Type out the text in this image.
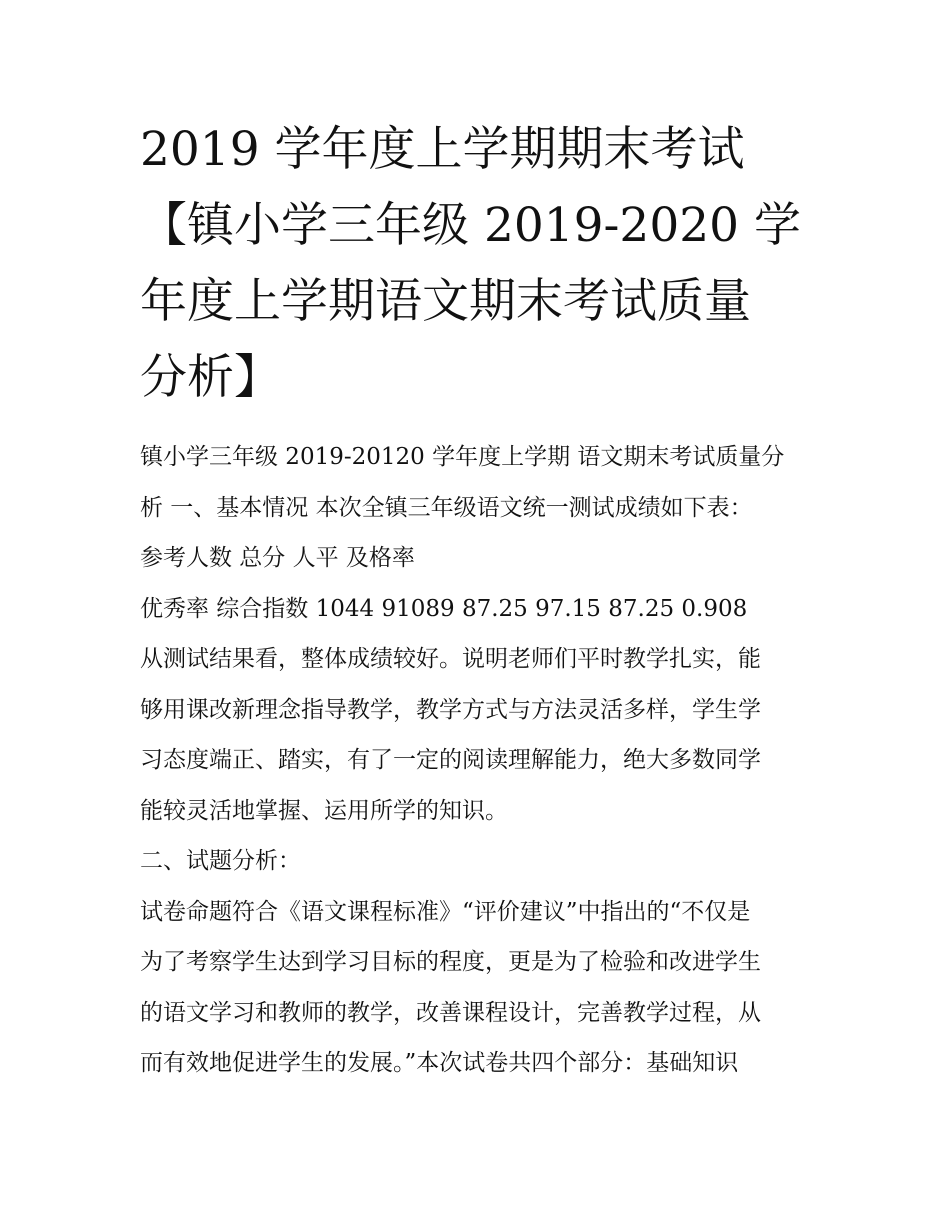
2019 学年度上学期期末考试
【镇小学三年级 2019-2020 学
年度上学期语文期末考试质量
分析】
镇小学三年级 2019-20120 学年度上学期 语文期末考试质量分
析 一、基本情况 本次全镇三年级语文统一测试成绩如下表：
参考人数 总分 人平 及格率
优秀率 综合指数 1044 91089 87.25 97.15 87.25 0.908
从测试结果看，整体成绩较好。说明老师们平时教学扎实，能
够用课改新理念指导教学，教学方式与方法灵活多样，学生学
习态度端正、踏实，有了一定的阅读理解能力，绝大多数同学
能较灵活地掌握、运用所学的知识。
二、试题分析：
试卷命题符合《语文课程标准》“评价建议”中指出的“不仅是
为了考察学生达到学习目标的程度，更是为了检验和改进学生
的语文学习和教师的教学，改善课程设计，完善教学过程，从
而有效地促进学生的发展。”本次试卷共四个部分：基础知识
